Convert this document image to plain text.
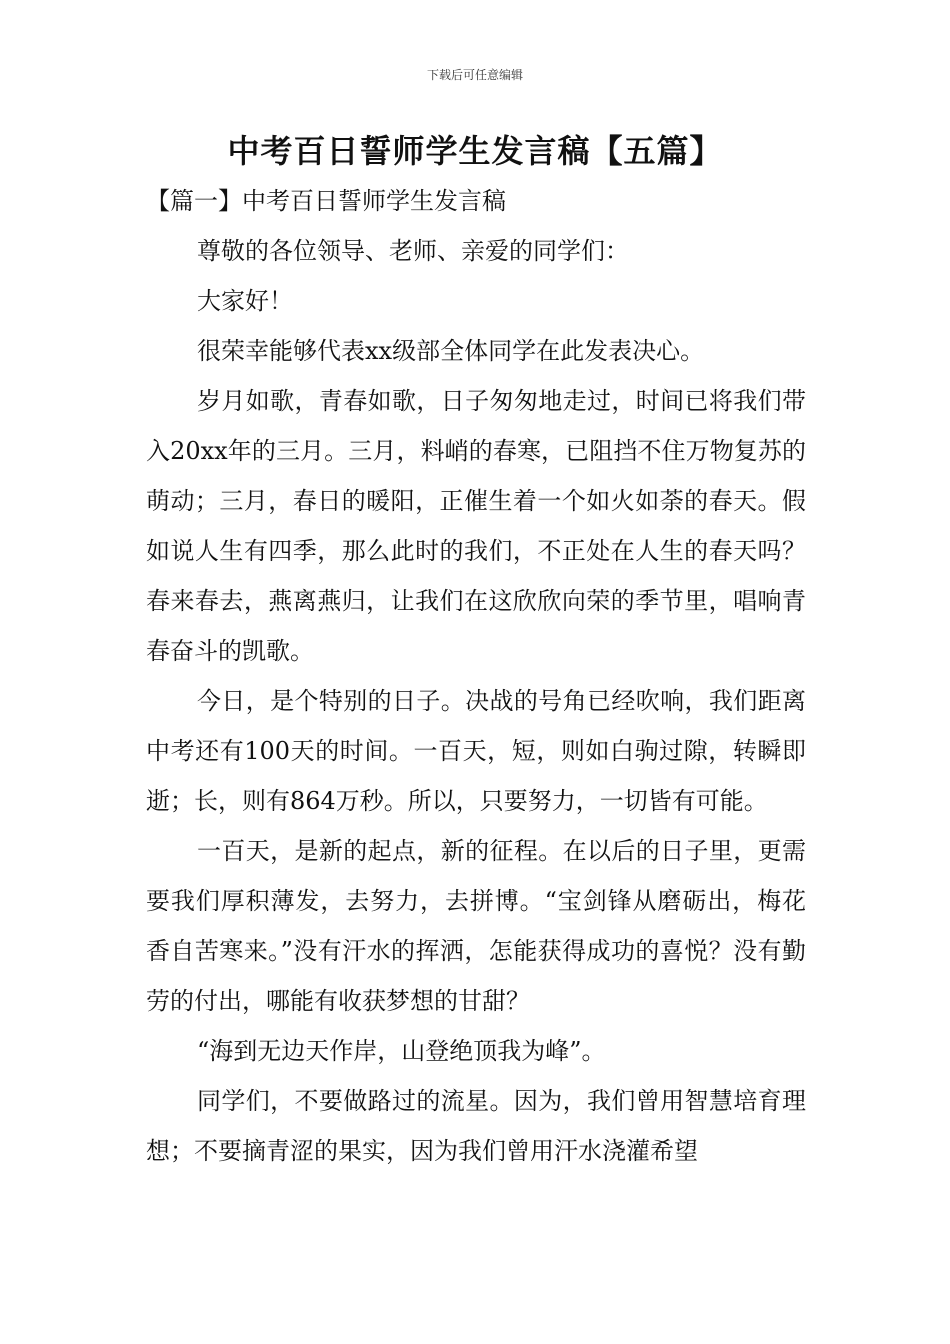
下载后可任意编辑
中考百日誓师学生发言稿【五篇】

【篇一】中考百日誓师学生发言稿

尊敬的各位领导、老师、亲爱的同学们：

大家好！

很荣幸能够代表xx级部全体同学在此发表决心。

岁月如歌，青春如歌，日子匆匆地走过，时间已将我们带入20xx年的三月。三月，料峭的春寒，已阻挡不住万物复苏的萌动；三月，春日的暖阳，正催生着一个如火如荼的春天。假如说人生有四季，那么此时的我们，不正处在人生的春天吗？春来春去，燕离燕归，让我们在这欣欣向荣的季节里，唱响青春奋斗的凯歌。

今日，是个特别的日子。决战的号角已经吹响，我们距离中考还有100天的时间。一百天，短，则如白驹过隙，转瞬即逝；长，则有864万秒。所以，只要努力，一切皆有可能。

一百天，是新的起点，新的征程。在以后的日子里，更需要我们厚积薄发，去努力，去拼博。“宝剑锋从磨砺出，梅花香自苦寒来。”没有汗水的挥洒，怎能获得成功的喜悦？没有勤劳的付出，哪能有收获梦想的甘甜？

“海到无边天作岸，山登绝顶我为峰”。

同学们，不要做路过的流星。因为，我们曾用智慧培育理想；不要摘青涩的果实，因为我们曾用汗水浇灌希望
